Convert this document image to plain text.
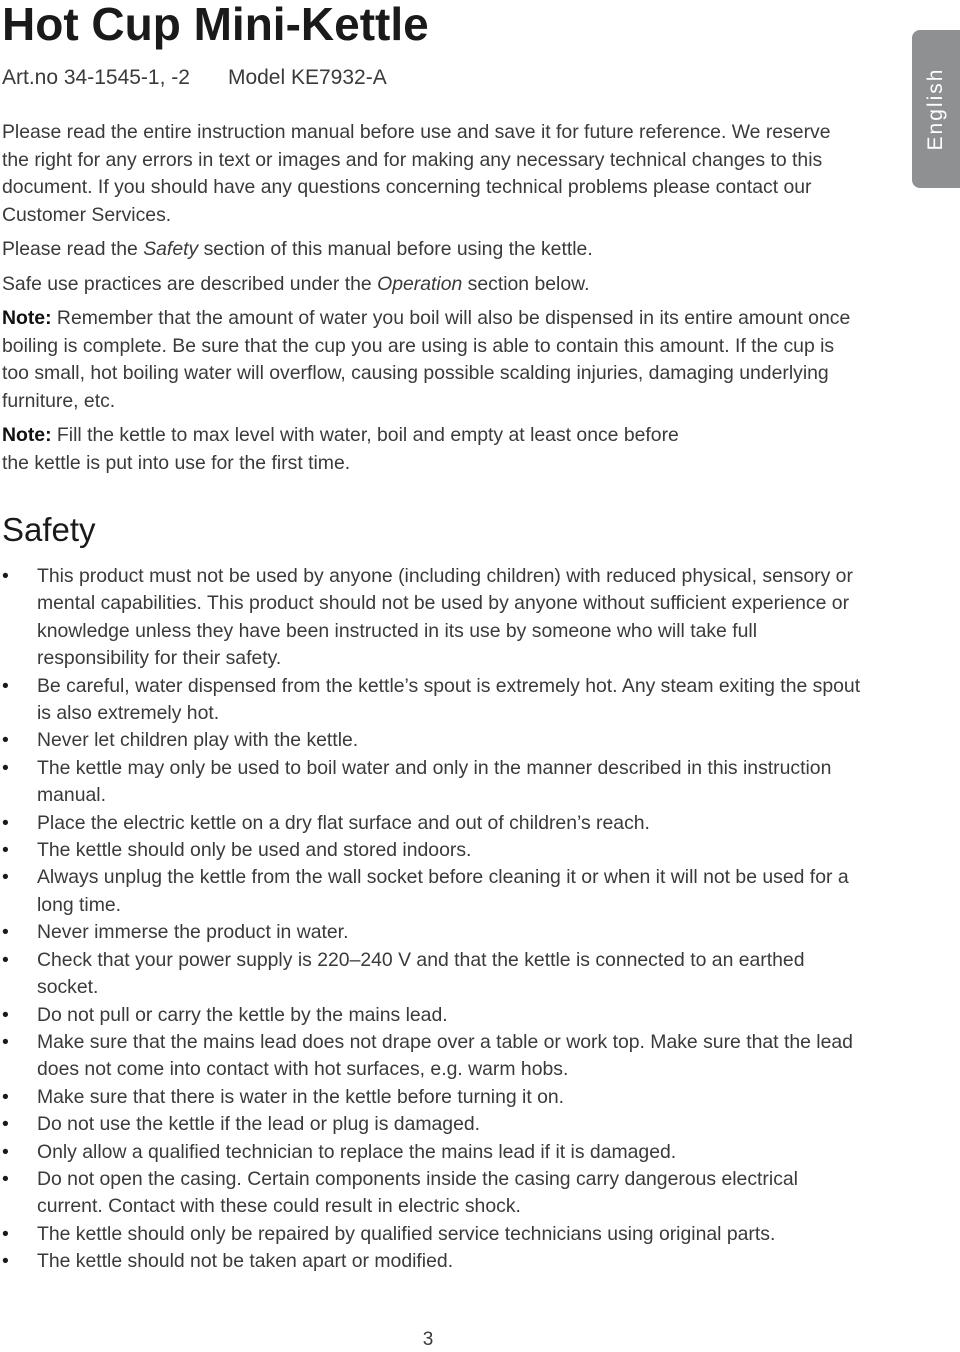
Hot Cup Mini-Kettle
Art.no 34-1545-1, -2 Model KE7932-A	English

Please read the entire instruction manual before use and save it for future reference. We reserve the right for any errors in text or images and for making any necessary technical changes to this document. If you should have any questions concerning technical problems please contact our Customer Services.

Please read the Safety section of this manual before using the kettle.

Safe use practices are described under the Operation section below.

Note: Remember that the amount of water you boil will also be dispensed in its entire amount once boiling is complete. Be sure that the cup you are using is able to contain this amount. If the cup is too small, hot boiling water will overflow, causing possible scalding injuries, damaging underlying furniture, etc.

Note: Fill the kettle to max level with water, boil and empty at least once before
the kettle is put into use for the first time.

Safety
• This product must not be used by anyone (including children) with reduced physical, sensory or mental capabilities. This product should not be used by anyone without sufficient experience or knowledge unless they have been instructed in its use by someone who will take full responsibility for their safety.
• Be careful, water dispensed from the kettle’s spout is extremely hot. Any steam exiting the spout is also extremely hot.
• Never let children play with the kettle.
• The kettle may only be used to boil water and only in the manner described in this instruction manual.
• Place the electric kettle on a dry flat surface and out of children’s reach.
• The kettle should only be used and stored indoors.
• Always unplug the kettle from the wall socket before cleaning it or when it will not be used for a long time.
• Never immerse the product in water.
• Check that your power supply is 220–240 V and that the kettle is connected to an earthed socket.
• Do not pull or carry the kettle by the mains lead.
• Make sure that the mains lead does not drape over a table or work top. Make sure that the lead does not come into contact with hot surfaces, e.g. warm hobs.
• Make sure that there is water in the kettle before turning it on.
• Do not use the kettle if the lead or plug is damaged.
• Only allow a qualified technician to replace the mains lead if it is damaged.
• Do not open the casing. Certain components inside the casing carry dangerous electrical current. Contact with these could result in electric shock.
• The kettle should only be repaired by qualified service technicians using original parts.
• The kettle should not be taken apart or modified.
3
